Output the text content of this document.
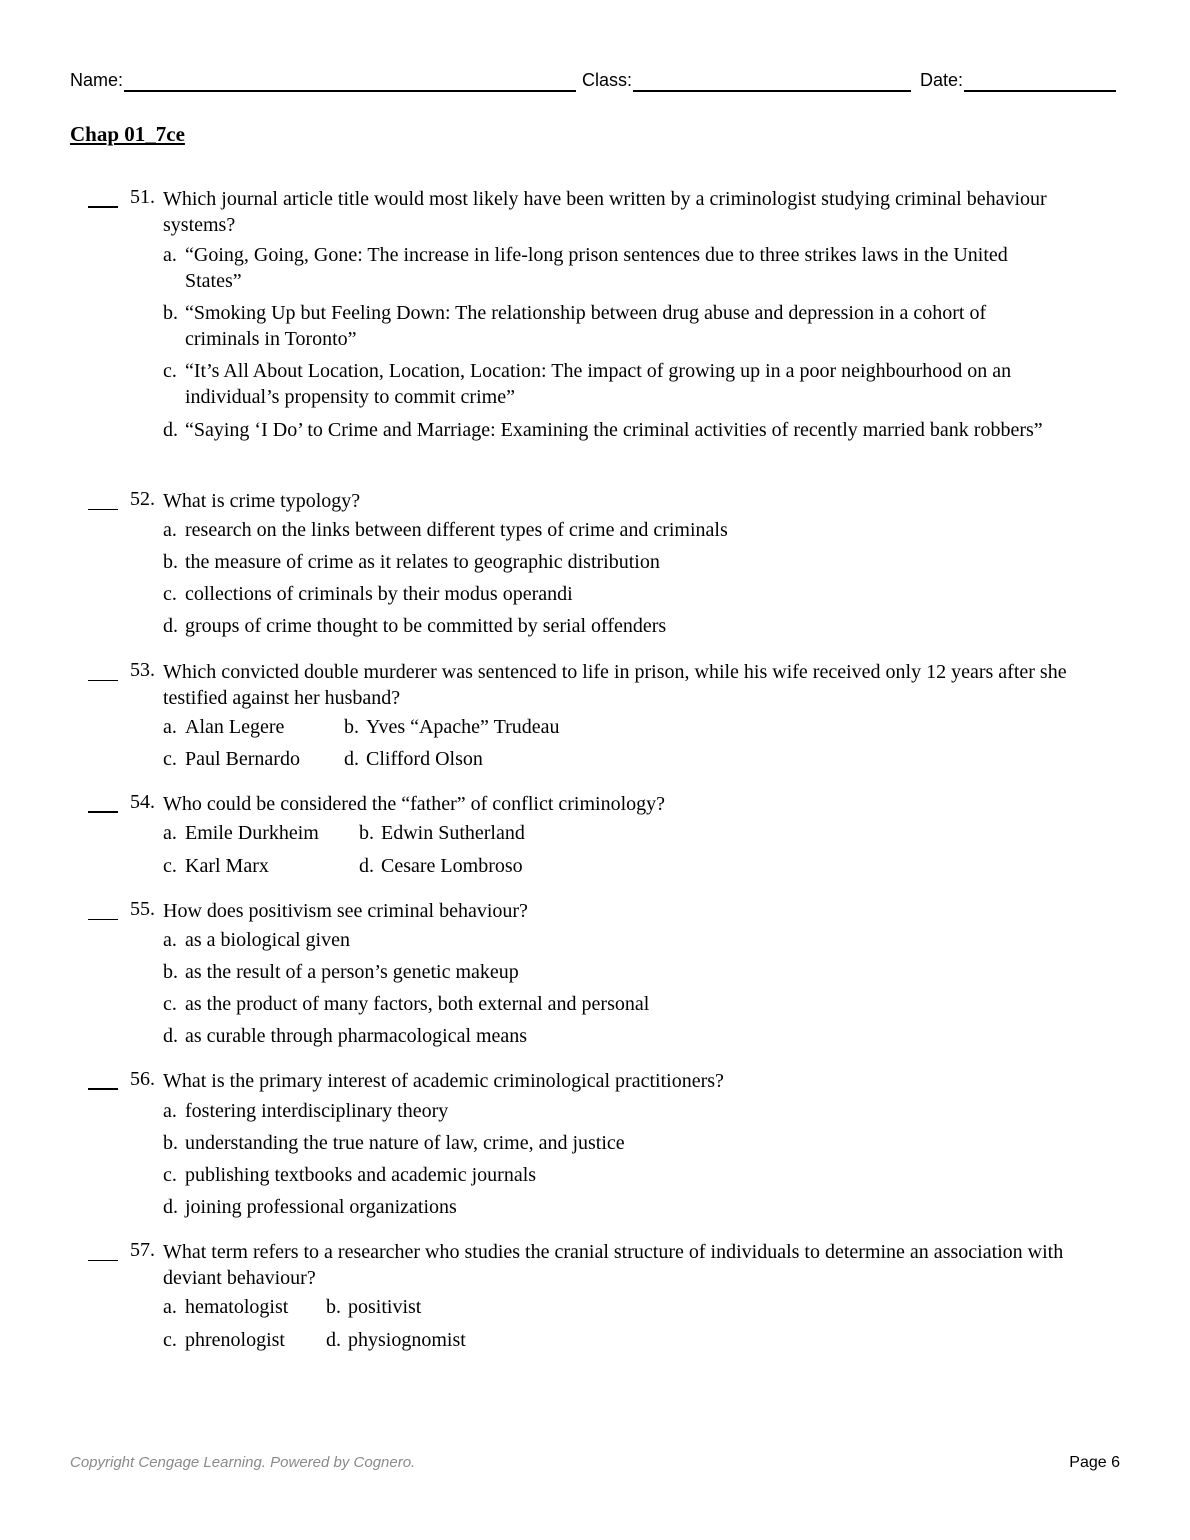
Name:	Class:	Date:
Chap 01_7ce
51. Which journal article title would most likely have been written by a criminologist studying criminal behaviour systems?
a. “Going, Going, Gone: The increase in life-long prison sentences due to three strikes laws in the United States”
b. “Smoking Up but Feeling Down: The relationship between drug abuse and depression in a cohort of criminals in Toronto”
c. “It’s All About Location, Location, Location: The impact of growing up in a poor neighbourhood on an individual’s propensity to commit crime”
d. “Saying ‘I Do’ to Crime and Marriage: Examining the criminal activities of recently married bank robbers”
52. What is crime typology?
a. research on the links between different types of crime and criminals
b. the measure of crime as it relates to geographic distribution
c. collections of criminals by their modus operandi
d. groups of crime thought to be committed by serial offenders
53. Which convicted double murderer was sentenced to life in prison, while his wife received only 12 years after she testified against her husband?
a. Alan Legere	b. Yves “Apache” Trudeau
c. Paul Bernardo	d. Clifford Olson
54. Who could be considered the “father” of conflict criminology?
a. Emile Durkheim	b. Edwin Sutherland
c. Karl Marx	d. Cesare Lombroso
55. How does positivism see criminal behaviour?
a. as a biological given
b. as the result of a person’s genetic makeup
c. as the product of many factors, both external and personal
d. as curable through pharmacological means
56. What is the primary interest of academic criminological practitioners?
a. fostering interdisciplinary theory
b. understanding the true nature of law, crime, and justice
c. publishing textbooks and academic journals
d. joining professional organizations
57. What term refers to a researcher who studies the cranial structure of individuals to determine an association with deviant behaviour?
a. hematologist	b. positivist
c. phrenologist	d. physiognomist
Copyright Cengage Learning. Powered by Cognero.	Page 6
